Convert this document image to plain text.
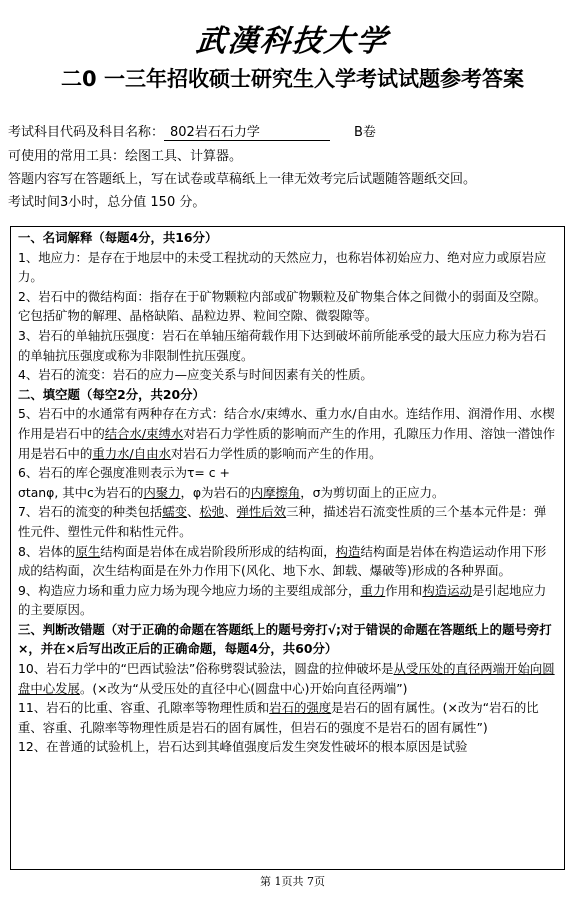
武漢科技大学
二0 一三年招收硕士研究生入学考试试题参考答案
考试科目代码及科目名称： 802岩石石力学	B卷
可使用的常用工具：绘图工具、计算器。
答题内容写在答题纸上，写在试卷或草稿纸上一律无效考完后试题随答题纸交回。
考试时间3小时，总分值 150 分。

一、名词解释（每题4分，共16分）

1、地应力：是存在于地层中的未受工程扰动的天然应力，也称岩体初始应力、绝对应力或原岩应力。

2、岩石中的微结构面：指存在于矿物颗粒内部或矿物颗粒及矿物集合体之间微小的弱面及空隙。它包括矿物的解理、晶格缺陷、晶粒边界、粒间空隙、微裂隙等。

3、岩石的单轴抗压强度：岩石在单轴压缩荷载作用下达到破坏前所能承受的最大压应力称为岩石的单轴抗压强度或称为非限制性抗压强度。

4、岩石的流变：岩石的应力—应变关系与时间因素有关的性质。

二、填空题（每空2分，共20分）

5、岩石中的水通常有两种存在方式：结合水/束缚水、重力水/自由水。连结作用、润滑作用、水楔作用是岩石中的结合水/束缚水对岩石力学性质的影响而产生的作用，孔隙压力作用、溶蚀一潜蚀作用是岩石中的重力水/自由水对岩石力学性质的影响而产生的作用。

6、岩石的库仑强度准则表示为τ= c +

σtanφ, 其中c为岩石的内聚力，φ为岩石的内摩擦角，σ为剪切面上的正应力。

7、岩石的流变的种类包括蠕变、松弛、弹性后效三种，描述岩石流变性质的三个基本元件是：弹性元件、塑性元件和粘性元件。

8、岩体的原生结构面是岩体在成岩阶段所形成的结构面，构造结构面是岩体在构造运动作用下形成的结构面，次生结构面是在外力作用下(风化、地下水、卸载、爆破等)形成的各种界面。

9、构造应力场和重力应力场为现今地应力场的主要组成部分，重力作用和构造运动是引起地应力的主要原因。

三、判断改错题（对于正确的命题在答题纸上的题号旁打√;对于错误的命题在答题纸上的题号旁打×，并在×后写出改正后的正确命题，每题4分，共60分）

10、岩石力学中的“巴西试验法”俗称劈裂试验法，圆盘的拉伸破坏是从受压处的直径两端开始向圆盘中心发展。(×改为“从受压处的直径中心(圆盘中心)开始向直径两端”)

11、岩石的比重、容重、孔隙率等物理性质和岩石的强度是岩石的固有属性。(×改为“岩石的比重、容重、孔隙率等物理性质是岩石的固有属性，但岩石的强度不是岩石的固有属性”)

12、在普通的试验机上，岩石达到其峰值强度后发生突发性破坏的根本原因是试验

第 1页共 7页
